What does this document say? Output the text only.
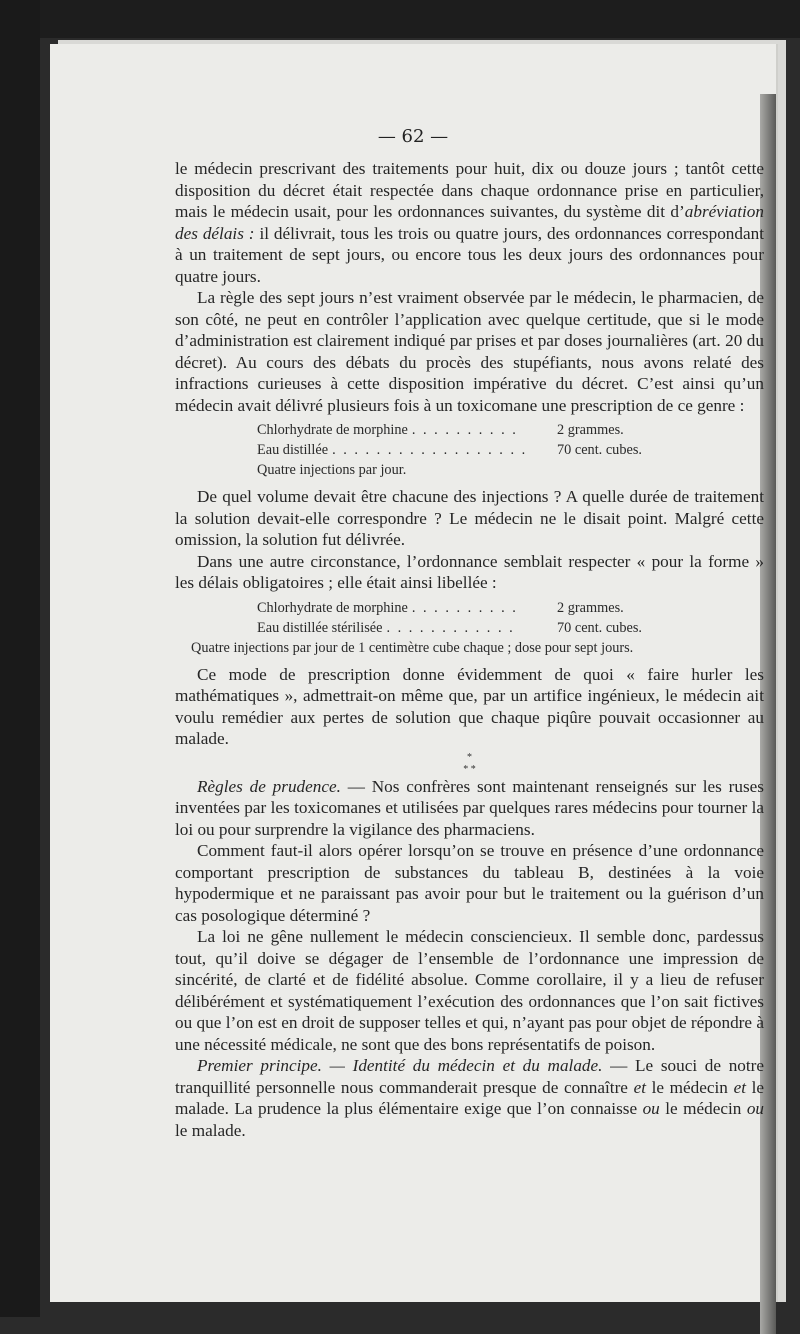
— 62 —

le médecin prescrivant des traitements pour huit, dix ou douze jours ; tantôt cette disposition du décret était respectée dans chaque ordonnance prise en particulier, mais le médecin usait, pour les ordonnances suivantes, du système dit d’abréviation des délais : il délivrait, tous les trois ou quatre jours, des ordonnances correspondant à un traitement de sept jours, ou encore tous les deux jours des ordonnances pour quatre jours.

La règle des sept jours n’est vraiment observée par le médecin, le pharmacien, de son côté, ne peut en contrôler l’application avec quelque certitude, que si le mode d’administration est clairement indiqué par prises et par doses journalières (art. 20 du décret). Au cours des débats du procès des stupéfiants, nous avons relaté des infractions curieuses à cette disposition impérative du décret. C’est ainsi qu’un médecin avait délivré plusieurs fois à un toxicomane une prescription de ce genre :

Chlorhydrate de morphine . . . . . . . . . .	2 grammes.
Eau distillée . . . . . . . . . . . . . . . . . .	70 cent. cubes.
Quatre injections par jour.

De quel volume devait être chacune des injections ? A quelle durée de traitement la solution devait-elle correspondre ? Le médecin ne le disait point. Malgré cette omission, la solution fut délivrée.

Dans une autre circonstance, l’ordonnance semblait respecter « pour la forme » les délais obligatoires ; elle était ainsi libellée :

Chlorhydrate de morphine . . . . . . . . . .	2 grammes.
Eau distillée stérilisée . . . . . . . . . . . .	70 cent. cubes.
Quatre injections par jour de 1 centimètre cube chaque ; dose pour sept jours.

Ce mode de prescription donne évidemment de quoi « faire hurler les mathématiques », admettrait-on même que, par un artifice ingénieux, le médecin ait voulu remédier aux pertes de solution que chaque piqûre pouvait occasionner au malade.

*
* *

Règles de prudence. — Nos confrères sont maintenant renseignés sur les ruses inventées par les toxicomanes et utilisées par quelques rares médecins pour tourner la loi ou pour surprendre la vigilance des pharmaciens.

Comment faut-il alors opérer lorsqu’on se trouve en présence d’une ordonnance comportant prescription de substances du tableau B, destinées à la voie hypodermique et ne paraissant pas avoir pour but le traitement ou la guérison d’un cas posologique déterminé ?

La loi ne gêne nullement le médecin consciencieux. Il semble donc, pardessus tout, qu’il doive se dégager de l’ensemble de l’ordonnance une impression de sincérité, de clarté et de fidélité absolue. Comme corollaire, il y a lieu de refuser délibérément et systématiquement l’exécution des ordonnances que l’on sait fictives ou que l’on est en droit de supposer telles et qui, n’ayant pas pour objet de répondre à une nécessité médicale, ne sont que des bons représentatifs de poison.

Premier principe. — Identité du médecin et du malade. — Le souci de notre tranquillité personnelle nous commanderait presque de connaître et le médecin et le malade. La prudence la plus élémentaire exige que l’on connaisse ou le médecin ou le malade.
